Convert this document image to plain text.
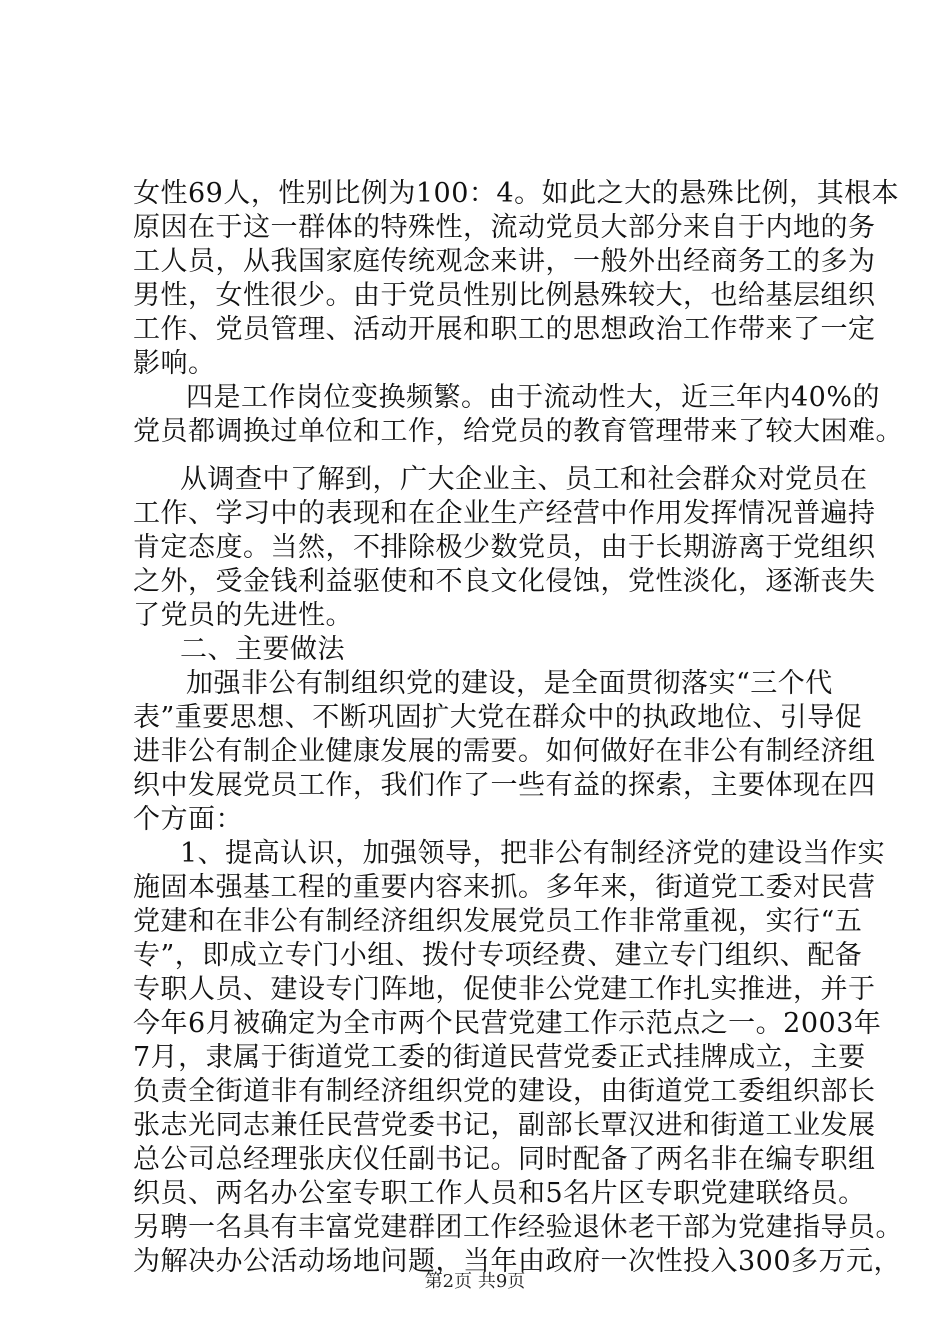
女性69人，性别比例为100：4。如此之大的悬殊比例，其根本
原因在于这一群体的特殊性，流动党员大部分来自于内地的务
工人员，从我国家庭传统观念来讲，一般外出经商务工的多为
男性，女性很少。由于党员性别比例悬殊较大，也给基层组织
工作、党员管理、活动开展和职工的思想政治工作带来了一定
影响。
四是工作岗位变换频繁。由于流动性大，近三年内40%的
党员都调换过单位和工作，给党员的教育管理带来了较大困难。
从调查中了解到，广大企业主、员工和社会群众对党员在
工作、学习中的表现和在企业生产经营中作用发挥情况普遍持
肯定态度。当然，不排除极少数党员，由于长期游离于党组织
之外，受金钱利益驱使和不良文化侵蚀，党性淡化，逐渐丧失
了党员的先进性。
二、主要做法
加强非公有制组织党的建设，是全面贯彻落实“三个代
表”重要思想、不断巩固扩大党在群众中的执政地位、引导促
进非公有制企业健康发展的需要。如何做好在非公有制经济组
织中发展党员工作，我们作了一些有益的探索，主要体现在四
个方面：
1、提高认识，加强领导，把非公有制经济党的建设当作实
施固本强基工程的重要内容来抓。多年来，街道党工委对民营
党建和在非公有制经济组织发展党员工作非常重视，实行“五
专”，即成立专门小组、拨付专项经费、建立专门组织、配备
专职人员、建设专门阵地，促使非公党建工作扎实推进，并于
今年6月被确定为全市两个民营党建工作示范点之一。2003年
7月，隶属于街道党工委的街道民营党委正式挂牌成立，主要
负责全街道非有制经济组织党的建设，由街道党工委组织部长
张志光同志兼任民营党委书记，副部长覃汉进和街道工业发展
总公司总经理张庆仪任副书记。同时配备了两名非在编专职组
织员、两名办公室专职工作人员和5名片区专职党建联络员。
另聘一名具有丰富党建群团工作经验退休老干部为党建指导员。
为解决办公活动场地问题，当年由政府一次性投入300多万元，
第2页 共9页
